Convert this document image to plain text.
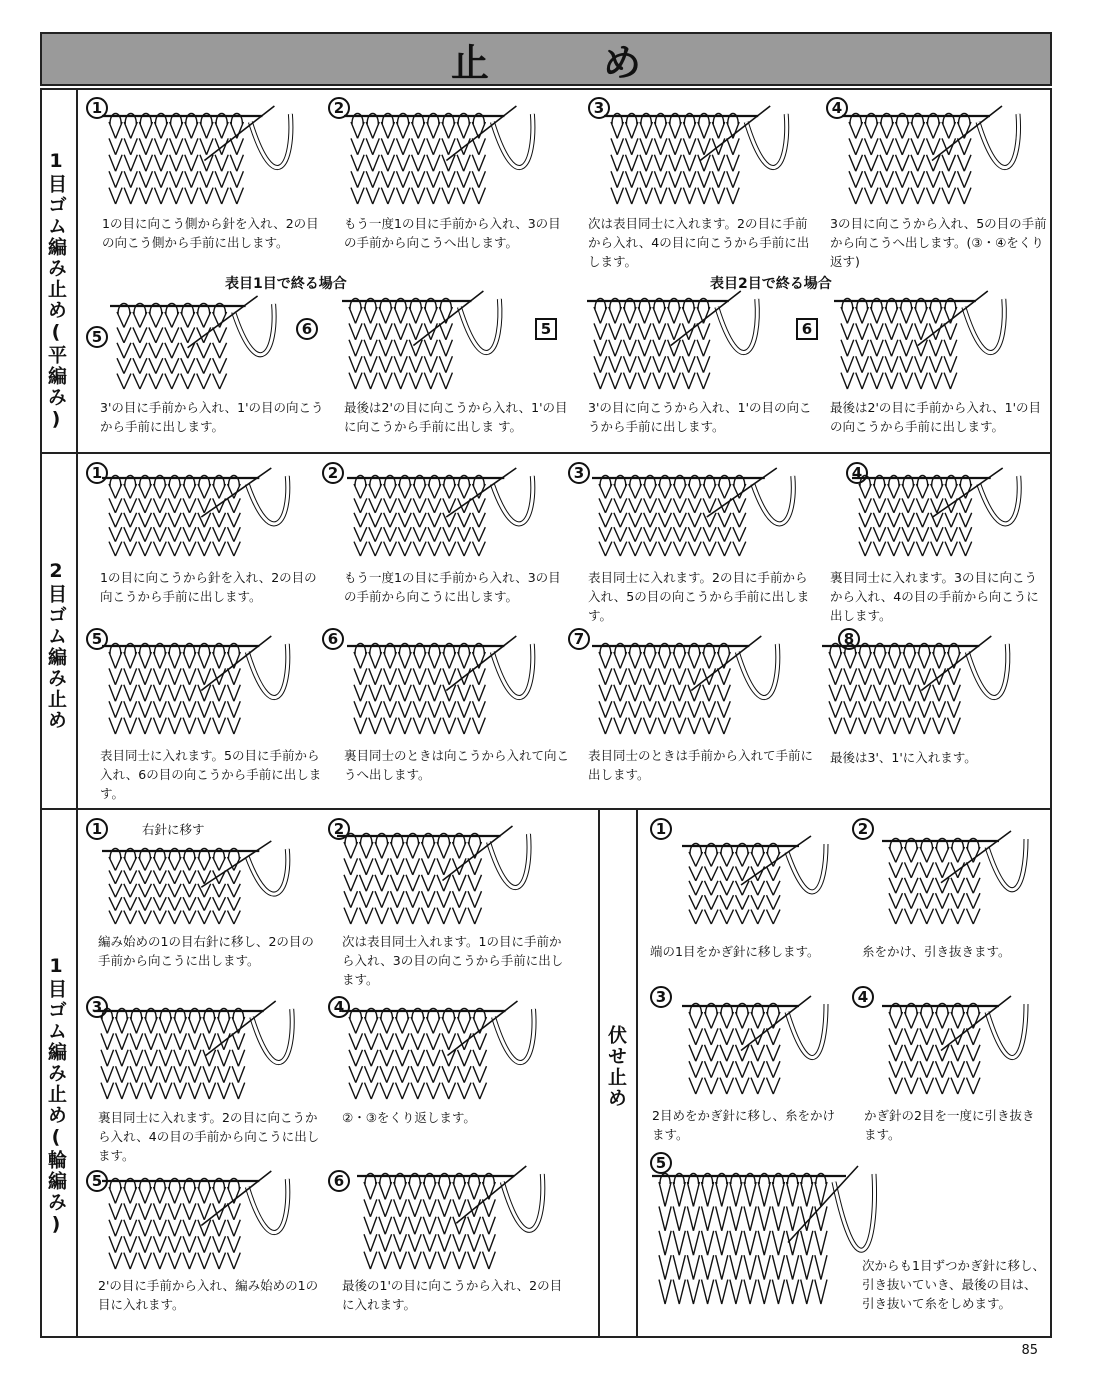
止　め
1目ゴム編み止め(平編み)
2目ゴム編み止め
1目ゴム編み止め(輪編み)	伏せ止め
表目1目で終る場合	表目2目で終る場合
1
1の目に向こう側から針を入れ、2の目の向こう側から手前に出します。
2
もう一度1の目に手前から入れ、3の目の手前から向こうへ出します。
3
次は表目同士に入れます。2の目に手前から入れ、4の目に向こうから手前に出します。
4
3の目に向こうから入れ、5の目の手前から向こうへ出します。(③・④をくり返す)
5
3'の目に手前から入れ、1'の目の向こうから手前に出します。
6
最後は2'の目に向こうから入れ、1'の目に向こうから手前に出しま す。
5
3'の目に向こうから入れ、1'の目の向こうから手前に出します。
6
最後は2'の目に手前から入れ、1'の目の向こうから手前に出します。
1
1の目に向こうから針を入れ、2の目の向こうから手前に出します。
2
もう一度1の目に手前から入れ、3の目の手前から向こうに出します。
3
表目同士に入れます。2の目に手前から入れ、5の目の向こうから手前に出します。
4
裏目同士に入れます。3の目に向こうから入れ、4の目の手前から向こうに出します。
5
表目同士に入れます。5の目に手前から入れ、6の目の向こうから手前に出します。
6
裏目同士のときは向こうから入れて向こうへ出します。
7
表目同士のときは手前から入れて手前に出します。
8
最後は3'、1'に入れます。
1	右針に移す
編み始めの1の目右針に移し、2の目の手前から向こうに出します。
2
次は表目同士入れます。1の目に手前から入れ、3の目の向こうから手前に出します。
3
裏目同士に入れます。2の目に向こうから入れ、4の目の手前から向こうに出します。
4
②・③をくり返します。
5
2'の目に手前から入れ、編み始めの1の目に入れます。
6
最後の1'の目に向こうから入れ、2の目に入れます。
1
端の1目をかぎ針に移します。
2
糸をかけ、引き抜きます。
3
2目めをかぎ針に移し、糸をかけます。
4
かぎ針の2目を一度に引き抜きます。
5
次からも1目ずつかぎ針に移し、引き抜いていき、最後の目は、引き抜いて糸をしめます。
85
